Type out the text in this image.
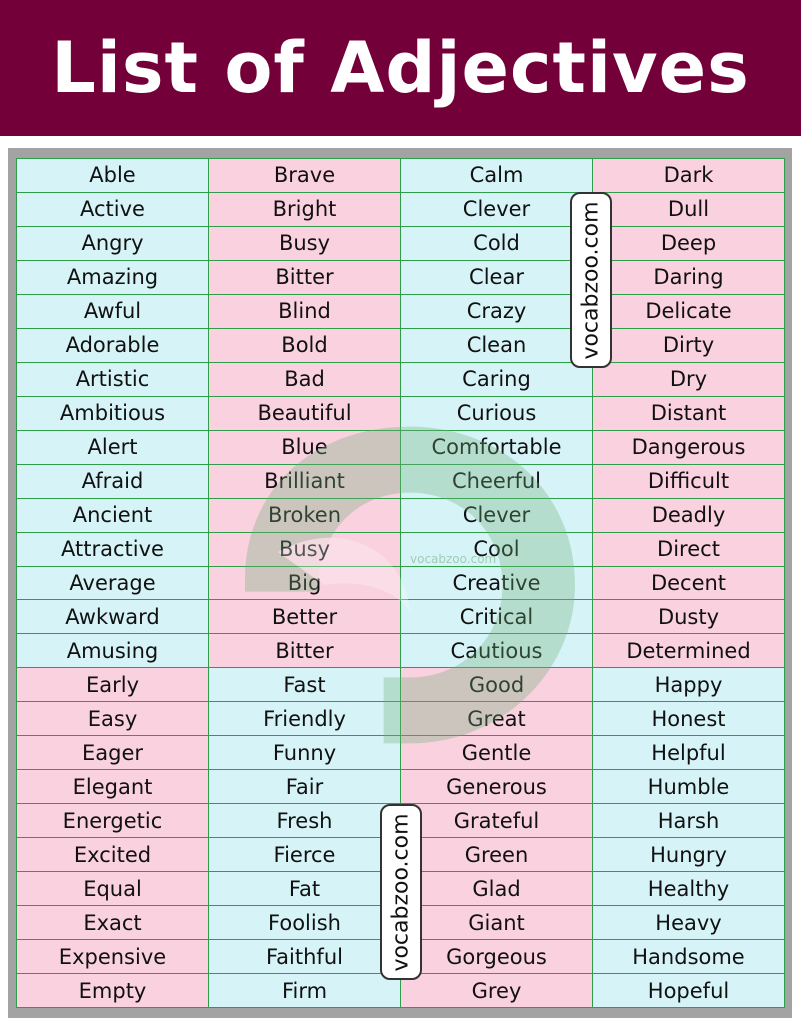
List of Adjectives
Able	Brave	Calm	Dark
Active	Bright	Clever	Dull
Angry	Busy	Cold	Deep
Amazing	Bitter	Clear	Daring
Awful	Blind	Crazy	Delicate
Adorable	Bold	Clean	Dirty
Artistic	Bad	Caring	Dry
Ambitious	Beautiful	Curious	Distant
Alert	Blue	Comfortable	Dangerous
Afraid	Brilliant	Cheerful	Difficult
Ancient	Broken	Clever	Deadly
Attractive	Busy	Cool	Direct
Average	Big	Creative	Decent
Awkward	Better	Critical	Dusty
Amusing	Bitter	Cautious	Determined
Early	Fast	Good	Happy
Easy	Friendly	Great	Honest
Eager	Funny	Gentle	Helpful
Elegant	Fair	Generous	Humble
Energetic	Fresh	Grateful	Harsh
Excited	Fierce	Green	Hungry
Equal	Fat	Glad	Healthy
Exact	Foolish	Giant	Heavy
Expensive	Faithful	Gorgeous	Handsome
Empty	Firm	Grey	Hopeful
vocabzoo.com
vocabzoo.com
vocabzoo.com
